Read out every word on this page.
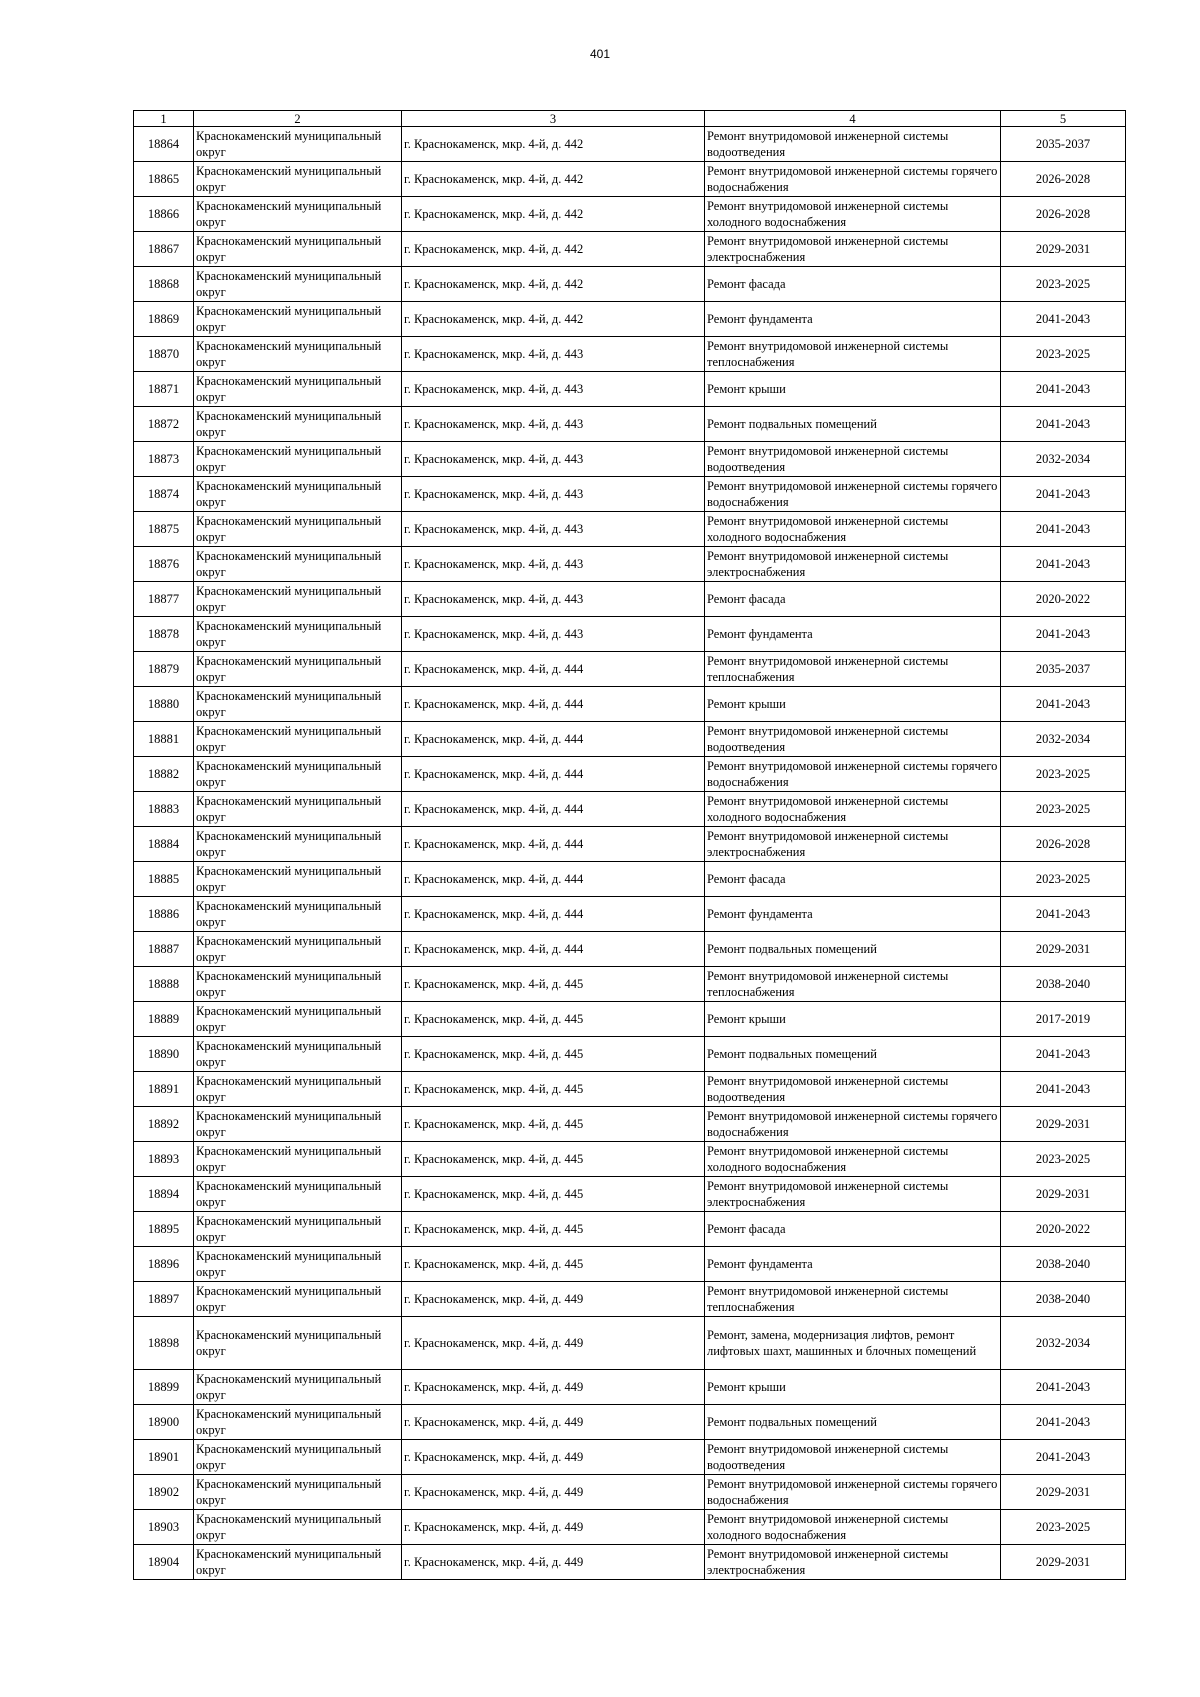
401
1	2	3	4	5
18864	Краснокаменский муниципальный округ	г. Краснокаменск, мкр. 4-й, д. 442	Ремонт внутридомовой инженерной системы водоотведения	2035-2037
18865	Краснокаменский муниципальный округ	г. Краснокаменск, мкр. 4-й, д. 442	Ремонт внутридомовой инженерной системы горячего водоснабжения	2026-2028
18866	Краснокаменский муниципальный округ	г. Краснокаменск, мкр. 4-й, д. 442	Ремонт внутридомовой инженерной системы холодного водоснабжения	2026-2028
18867	Краснокаменский муниципальный округ	г. Краснокаменск, мкр. 4-й, д. 442	Ремонт внутридомовой инженерной системы электроснабжения	2029-2031
18868	Краснокаменский муниципальный округ	г. Краснокаменск, мкр. 4-й, д. 442	Ремонт фасада	2023-2025
18869	Краснокаменский муниципальный округ	г. Краснокаменск, мкр. 4-й, д. 442	Ремонт фундамента	2041-2043
18870	Краснокаменский муниципальный округ	г. Краснокаменск, мкр. 4-й, д. 443	Ремонт внутридомовой инженерной системы теплоснабжения	2023-2025
18871	Краснокаменский муниципальный округ	г. Краснокаменск, мкр. 4-й, д. 443	Ремонт крыши	2041-2043
18872	Краснокаменский муниципальный округ	г. Краснокаменск, мкр. 4-й, д. 443	Ремонт подвальных помещений	2041-2043
18873	Краснокаменский муниципальный округ	г. Краснокаменск, мкр. 4-й, д. 443	Ремонт внутридомовой инженерной системы водоотведения	2032-2034
18874	Краснокаменский муниципальный округ	г. Краснокаменск, мкр. 4-й, д. 443	Ремонт внутридомовой инженерной системы горячего водоснабжения	2041-2043
18875	Краснокаменский муниципальный округ	г. Краснокаменск, мкр. 4-й, д. 443	Ремонт внутридомовой инженерной системы холодного водоснабжения	2041-2043
18876	Краснокаменский муниципальный округ	г. Краснокаменск, мкр. 4-й, д. 443	Ремонт внутридомовой инженерной системы электроснабжения	2041-2043
18877	Краснокаменский муниципальный округ	г. Краснокаменск, мкр. 4-й, д. 443	Ремонт фасада	2020-2022
18878	Краснокаменский муниципальный округ	г. Краснокаменск, мкр. 4-й, д. 443	Ремонт фундамента	2041-2043
18879	Краснокаменский муниципальный округ	г. Краснокаменск, мкр. 4-й, д. 444	Ремонт внутридомовой инженерной системы теплоснабжения	2035-2037
18880	Краснокаменский муниципальный округ	г. Краснокаменск, мкр. 4-й, д. 444	Ремонт крыши	2041-2043
18881	Краснокаменский муниципальный округ	г. Краснокаменск, мкр. 4-й, д. 444	Ремонт внутридомовой инженерной системы водоотведения	2032-2034
18882	Краснокаменский муниципальный округ	г. Краснокаменск, мкр. 4-й, д. 444	Ремонт внутридомовой инженерной системы горячего водоснабжения	2023-2025
18883	Краснокаменский муниципальный округ	г. Краснокаменск, мкр. 4-й, д. 444	Ремонт внутридомовой инженерной системы холодного водоснабжения	2023-2025
18884	Краснокаменский муниципальный округ	г. Краснокаменск, мкр. 4-й, д. 444	Ремонт внутридомовой инженерной системы электроснабжения	2026-2028
18885	Краснокаменский муниципальный округ	г. Краснокаменск, мкр. 4-й, д. 444	Ремонт фасада	2023-2025
18886	Краснокаменский муниципальный округ	г. Краснокаменск, мкр. 4-й, д. 444	Ремонт фундамента	2041-2043
18887	Краснокаменский муниципальный округ	г. Краснокаменск, мкр. 4-й, д. 444	Ремонт подвальных помещений	2029-2031
18888	Краснокаменский муниципальный округ	г. Краснокаменск, мкр. 4-й, д. 445	Ремонт внутридомовой инженерной системы теплоснабжения	2038-2040
18889	Краснокаменский муниципальный округ	г. Краснокаменск, мкр. 4-й, д. 445	Ремонт крыши	2017-2019
18890	Краснокаменский муниципальный округ	г. Краснокаменск, мкр. 4-й, д. 445	Ремонт подвальных помещений	2041-2043
18891	Краснокаменский муниципальный округ	г. Краснокаменск, мкр. 4-й, д. 445	Ремонт внутридомовой инженерной системы водоотведения	2041-2043
18892	Краснокаменский муниципальный округ	г. Краснокаменск, мкр. 4-й, д. 445	Ремонт внутридомовой инженерной системы горячего водоснабжения	2029-2031
18893	Краснокаменский муниципальный округ	г. Краснокаменск, мкр. 4-й, д. 445	Ремонт внутридомовой инженерной системы холодного водоснабжения	2023-2025
18894	Краснокаменский муниципальный округ	г. Краснокаменск, мкр. 4-й, д. 445	Ремонт внутридомовой инженерной системы электроснабжения	2029-2031
18895	Краснокаменский муниципальный округ	г. Краснокаменск, мкр. 4-й, д. 445	Ремонт фасада	2020-2022
18896	Краснокаменский муниципальный округ	г. Краснокаменск, мкр. 4-й, д. 445	Ремонт фундамента	2038-2040
18897	Краснокаменский муниципальный округ	г. Краснокаменск, мкр. 4-й, д. 449	Ремонт внутридомовой инженерной системы теплоснабжения	2038-2040
18898	Краснокаменский муниципальный округ	г. Краснокаменск, мкр. 4-й, д. 449	Ремонт, замена, модернизация лифтов, ремонт лифтовых шахт, машинных и блочных помещений	2032-2034
18899	Краснокаменский муниципальный округ	г. Краснокаменск, мкр. 4-й, д. 449	Ремонт крыши	2041-2043
18900	Краснокаменский муниципальный округ	г. Краснокаменск, мкр. 4-й, д. 449	Ремонт подвальных помещений	2041-2043
18901	Краснокаменский муниципальный округ	г. Краснокаменск, мкр. 4-й, д. 449	Ремонт внутридомовой инженерной системы водоотведения	2041-2043
18902	Краснокаменский муниципальный округ	г. Краснокаменск, мкр. 4-й, д. 449	Ремонт внутридомовой инженерной системы горячего водоснабжения	2029-2031
18903	Краснокаменский муниципальный округ	г. Краснокаменск, мкр. 4-й, д. 449	Ремонт внутридомовой инженерной системы холодного водоснабжения	2023-2025
18904	Краснокаменский муниципальный округ	г. Краснокаменск, мкр. 4-й, д. 449	Ремонт внутридомовой инженерной системы электроснабжения	2029-2031
